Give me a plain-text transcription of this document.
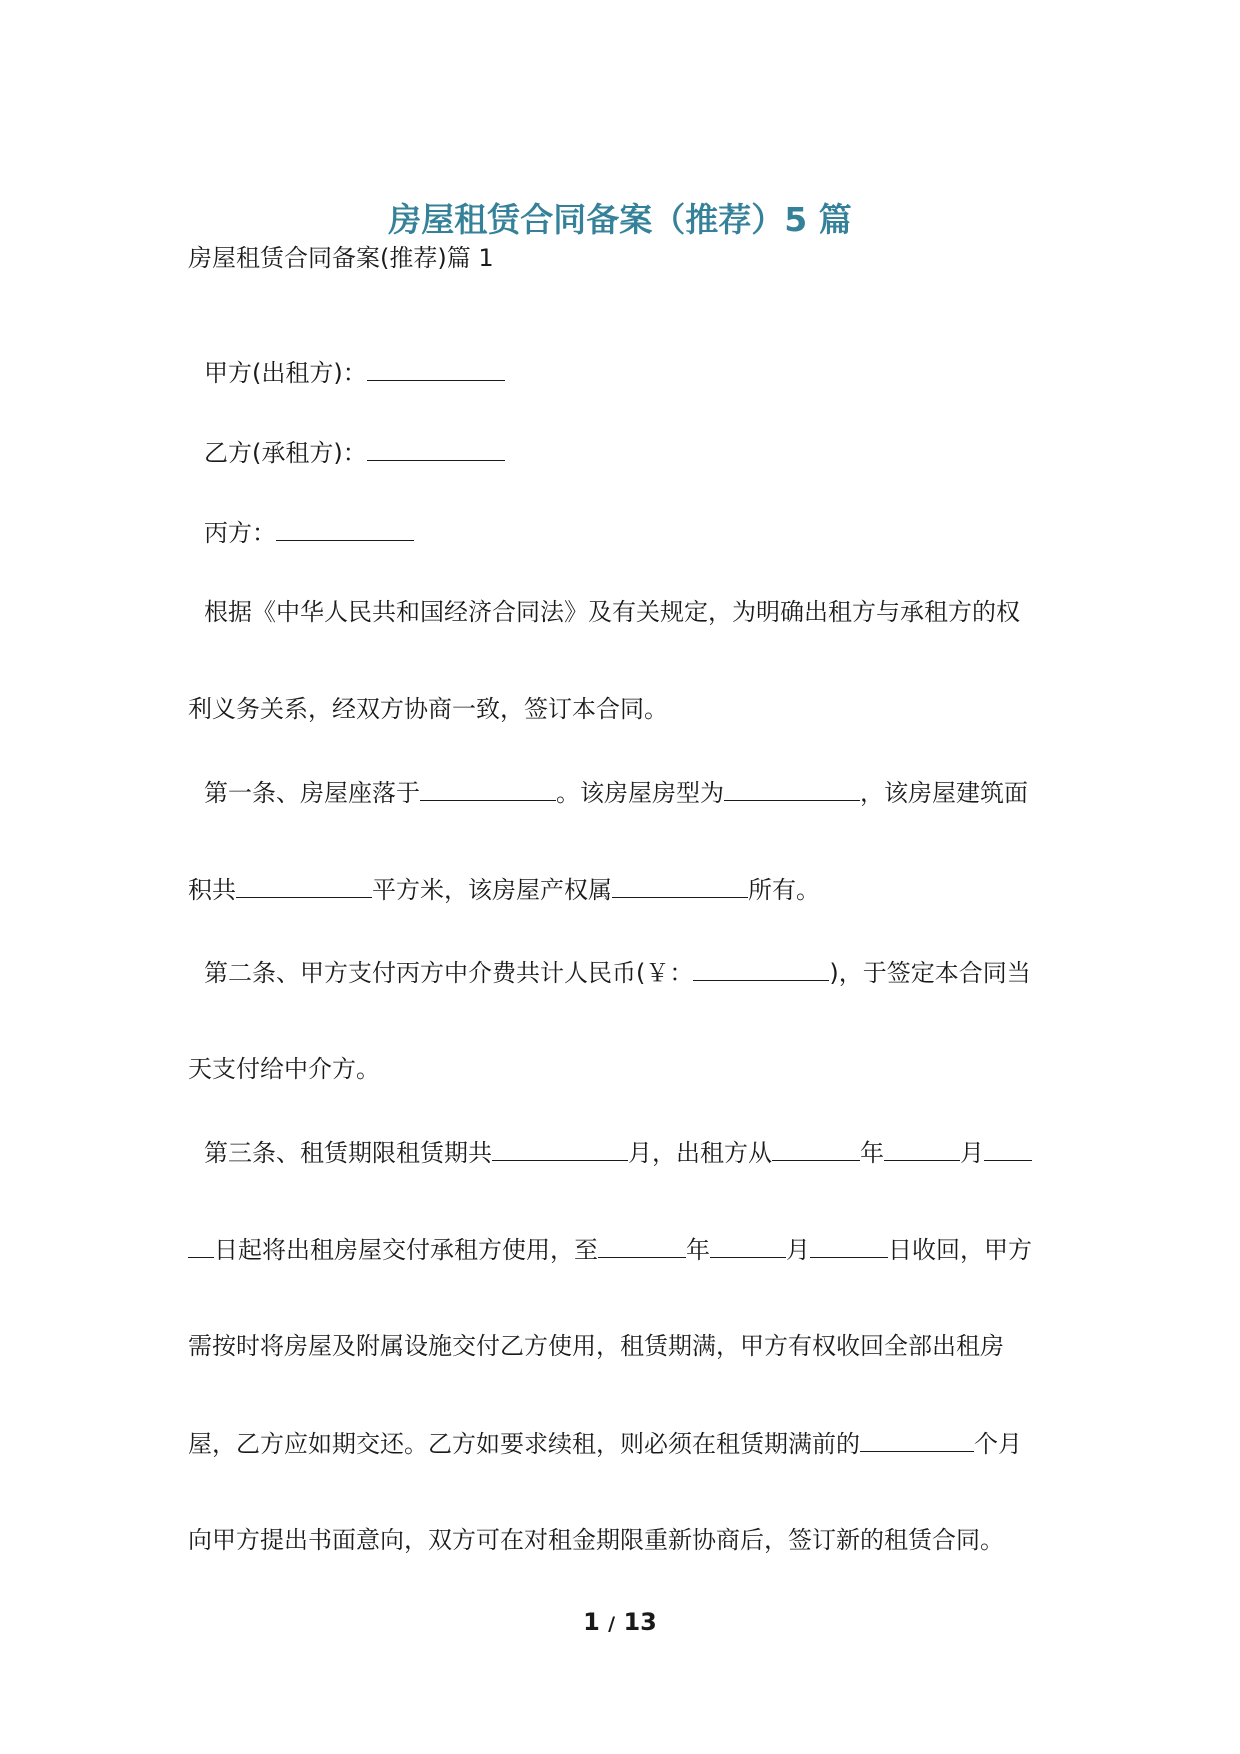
房屋租赁合同备案（推荐）5 篇
房屋租赁合同备案(推荐)篇 1
甲方(出租方)：
乙方(承租方)：
丙方：
根据《中华人民共和国经济合同法》及有关规定，为明确出租方与承租方的权
利义务关系，经双方协商一致，签订本合同。
第一条、房屋座落于	。该房屋房型为	，该房屋建筑面
积共	平方米，该房屋产权属	所有。
第二条、甲方支付丙方中介费共计人民币(￥：	)，于签定本合同当
天支付给中介方。
第三条、租赁期限租赁期共	月，出租方从	年	月
日起将出租房屋交付承租方使用，至	年	月	日收回，甲方
需按时将房屋及附属设施交付乙方使用，租赁期满，甲方有权收回全部出租房
屋，乙方应如期交还。乙方如要求续租，则必须在租赁期满前的	个月
向甲方提出书面意向，双方可在对租金期限重新协商后，签订新的租赁合同。
1 / 13
